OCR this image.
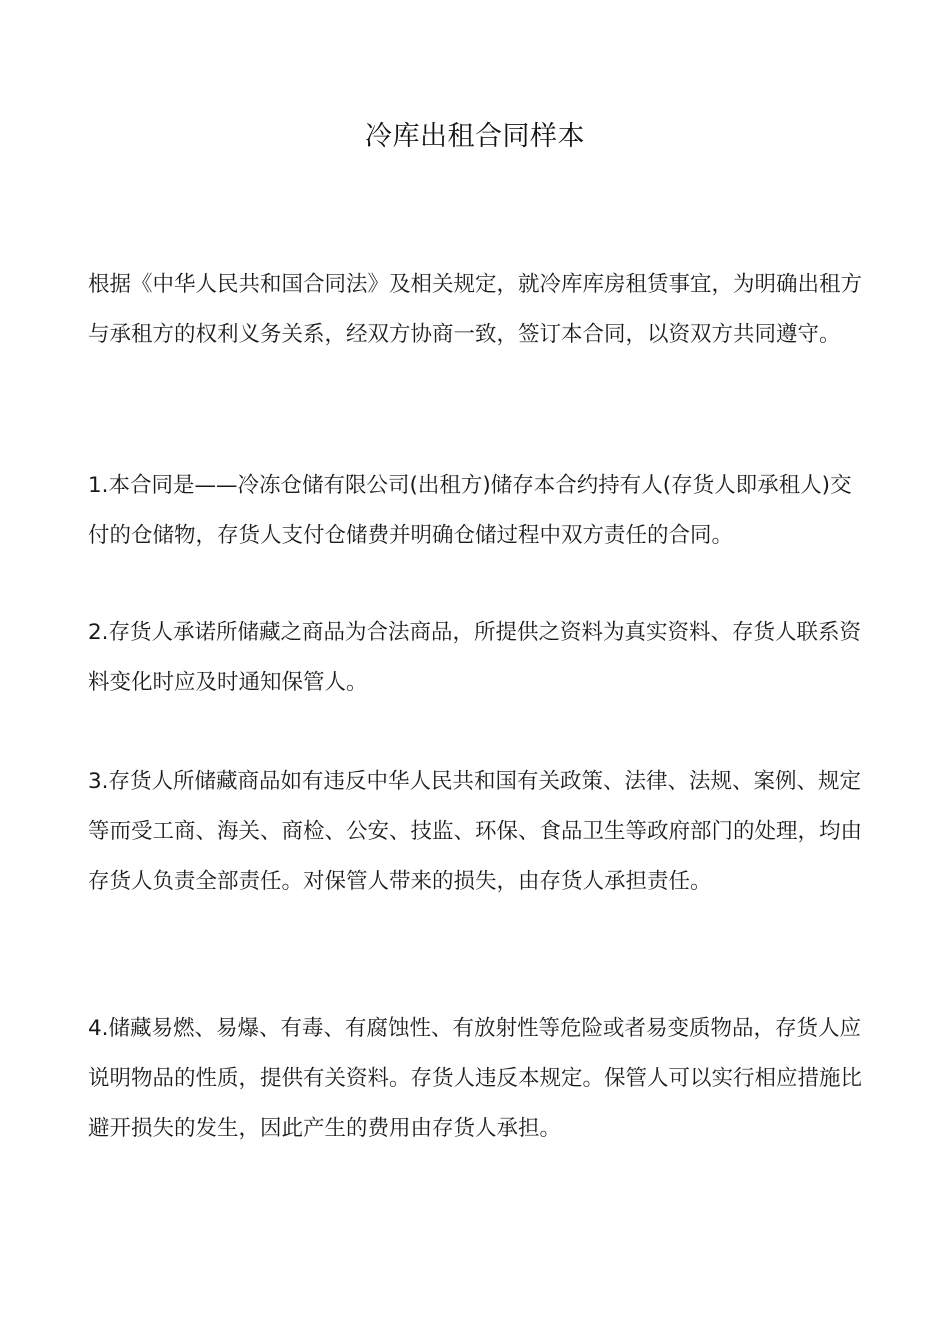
冷库出租合同样本

根据《中华人民共和国合同法》及相关规定，就冷库库房租赁事宜，为明确出租方与承租方的权利义务关系，经双方协商一致，签订本合同，以资双方共同遵守。

1.本合同是——冷冻仓储有限公司(出租方)储存本合约持有人(存货人即承租人)交付的仓储物，存货人支付仓储费并明确仓储过程中双方责任的合同。

2.存货人承诺所储藏之商品为合法商品，所提供之资料为真实资料、存货人联系资料变化时应及时通知保管人。

3.存货人所储藏商品如有违反中华人民共和国有关政策、法律、法规、案例、规定等而受工商、海关、商检、公安、技监、环保、食品卫生等政府部门的处理，均由存货人负责全部责任。对保管人带来的损失，由存货人承担责任。

4.储藏易燃、易爆、有毒、有腐蚀性、有放射性等危险或者易变质物品，存货人应说明物品的性质，提供有关资料。存货人违反本规定。保管人可以实行相应措施比避开损失的发生，因此产生的费用由存货人承担。
